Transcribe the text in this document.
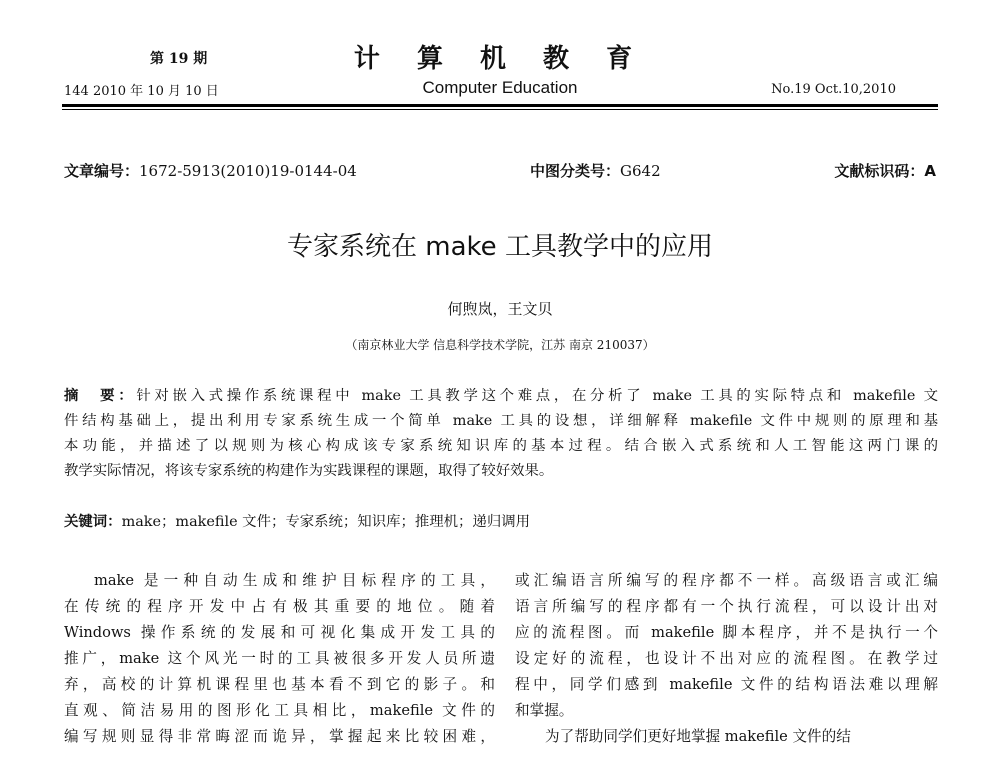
第 19 期
144 2010 年 10 月 10 日
计 算 机 教 育
Computer Education	No.19 Oct.10,2010
文章编号：1672-5913(2010)19-0144-04	中图分类号：G642	文献标识码：A
专家系统在 make 工具教学中的应用
何煦岚，王文贝
（南京林业大学 信息科学技术学院，江苏 南京 210037）
摘　要：针对嵌入式操作系统课程中 make 工具教学这个难点，在分析了 make 工具的实际特点和 makefile 文
件结构基础上，提出利用专家系统生成一个简单 make 工具的设想，详细解释 makefile 文件中规则的原理和基
本功能，并描述了以规则为核心构成该专家系统知识库的基本过程。结合嵌入式系统和人工智能这两门课的
教学实际情况，将该专家系统的构建作为实践课程的课题，取得了较好效果。
关键词：make；makefile 文件；专家系统；知识库；推理机；递归调用
make 是一种自动生成和维护目标程序的工具，
在传统的程序开发中占有极其重要的地位。随着
Windows 操作系统的发展和可视化集成开发工具的
推广，make 这个风光一时的工具被很多开发人员所遗
弃，高校的计算机课程里也基本看不到它的影子。和
直观、简洁易用的图形化工具相比，makefile 文件的
编写规则显得非常晦涩而诡异，掌握起来比较困难，
或汇编语言所编写的程序都不一样。高级语言或汇编
语言所编写的程序都有一个执行流程，可以设计出对
应的流程图。而 makefile 脚本程序，并不是执行一个
设定好的流程，也设计不出对应的流程图。在教学过
程中，同学们感到 makefile 文件的结构语法难以理解
和掌握。
为了帮助同学们更好地掌握 makefile 文件的结
